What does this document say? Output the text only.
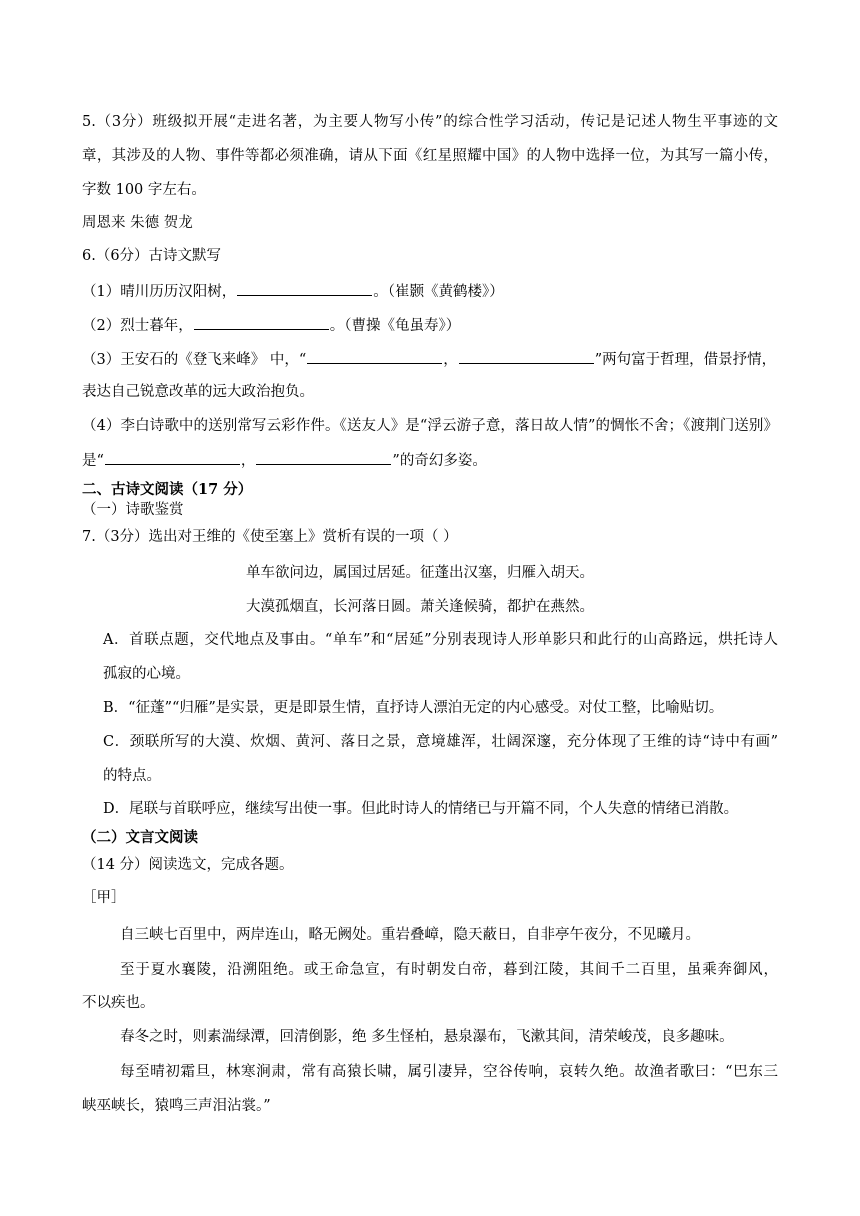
5.（3分）班级拟开展“走进名著，为主要人物写小传”的综合性学习活动，传记是记述人物生平事迹的文

章，其涉及的人物、事件等都必须准确，请从下面《红星照耀中国》的人物中选择一位，为其写一篇小传，

字数 100 字左右。

周恩来 朱德 贺龙

6.（6分）古诗文默写

（1）晴川历历汉阳树，	。（崔颢《黄鹤楼》）

（2）烈士暮年，	。（曹操《龟虽寿》）

（3）王安石的《登飞来峰》 中，“	，	”两句富于哲理，借景抒情，

表达自己锐意改革的远大政治抱负。

（4）李白诗歌中的送别常写云彩作件。《送友人》是“浮云游子意，落日故人情”的惆怅不舍；《渡荆门送别》

是“	，	”的奇幻多姿。

二、古诗文阅读（17 分）

（一）诗歌鉴赏

7.（3分）选出对王维的《使至塞上》赏析有误的一项（ ）

单车欲问边，属国过居延。征蓬出汉塞，归雁入胡天。

大漠孤烟直，长河落日圆。萧关逢候骑，都护在燕然。

A．首联点题，交代地点及事由。“单车”和“居延”分别表现诗人形单影只和此行的山高路远，烘托诗人

孤寂的心境。

B．“征蓬”“归雁”是实景，更是即景生情，直抒诗人漂泊无定的内心感受。对仗工整，比喻贴切。

C．颈联所写的大漠、炊烟、黄河、落日之景，意境雄浑，壮阔深邃，充分体现了王维的诗“诗中有画”

的特点。

D．尾联与首联呼应，继续写出使一事。但此时诗人的情绪已与开篇不同，个人失意的情绪已消散。

（二）文言文阅读

（14 分）阅读选文，完成各题。

［甲］

自三峡七百里中，两岸连山，略无阙处。重岩叠嶂，隐天蔽日，自非亭午夜分，不见曦月。

至于夏水襄陵，沿溯阻绝。或王命急宣，有时朝发白帝，暮到江陵，其间千二百里，虽乘奔御风，

不以疾也。

春冬之时，则素湍绿潭，回清倒影，绝 多生怪柏，悬泉瀑布，飞漱其间，清荣峻茂，良多趣味。

每至晴初霜旦，林寒涧肃，常有高猿长啸，属引凄异，空谷传响，哀转久绝。故渔者歌曰：“巴东三

峡巫峡长，猿鸣三声泪沾裳。”
